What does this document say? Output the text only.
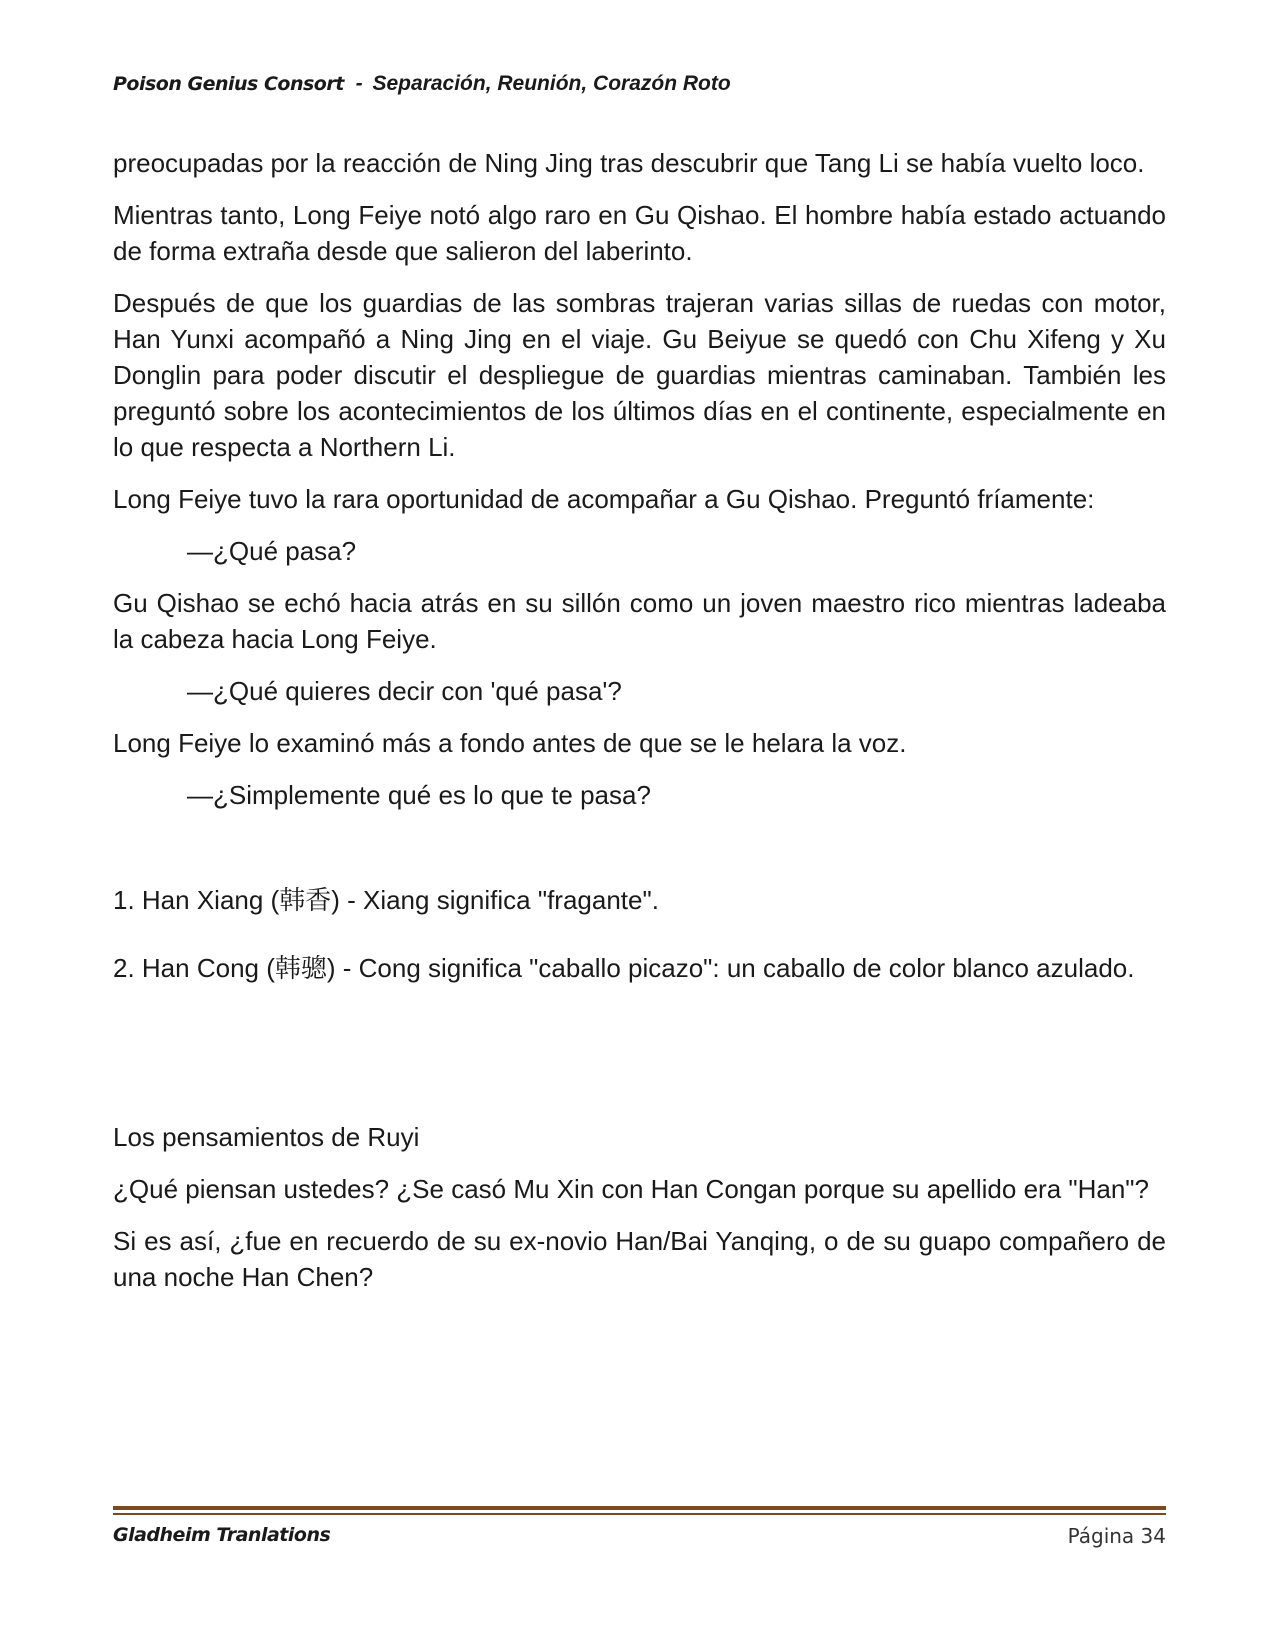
Poison Genius Consort - Separación, Reunión, Corazón Roto

preocupadas por la reacción de Ning Jing tras descubrir que Tang Li se había vuelto loco.

Mientras tanto, Long Feiye notó algo raro en Gu Qishao. El hombre había estado actuando de forma extraña desde que salieron del laberinto.

Después de que los guardias de las sombras trajeran varias sillas de ruedas con motor, Han Yunxi acompañó a Ning Jing en el viaje. Gu Beiyue se quedó con Chu Xifeng y Xu Donglin para poder discutir el despliegue de guardias mientras caminaban. También les preguntó sobre los acontecimientos de los últimos días en el continente, especialmente en lo que respecta a Northern Li.

Long Feiye tuvo la rara oportunidad de acompañar a Gu Qishao. Preguntó fríamente:

—¿Qué pasa?

Gu Qishao se echó hacia atrás en su sillón como un joven maestro rico mientras ladeaba la cabeza hacia Long Feiye.

—¿Qué quieres decir con 'qué pasa'?

Long Feiye lo examinó más a fondo antes de que se le helara la voz.

—¿Simplemente qué es lo que te pasa?

1. Han Xiang (韩香) - Xiang significa "fragante".

2. Han Cong (韩骢) - Cong significa "caballo picazo": un caballo de color blanco azulado.

Los pensamientos de Ruyi

¿Qué piensan ustedes? ¿Se casó Mu Xin con Han Congan porque su apellido era "Han"?

Si es así, ¿fue en recuerdo de su ex-novio Han/Bai Yanqing, o de su guapo compañero de una noche Han Chen?

Gladheim Tranlations	Página 34
